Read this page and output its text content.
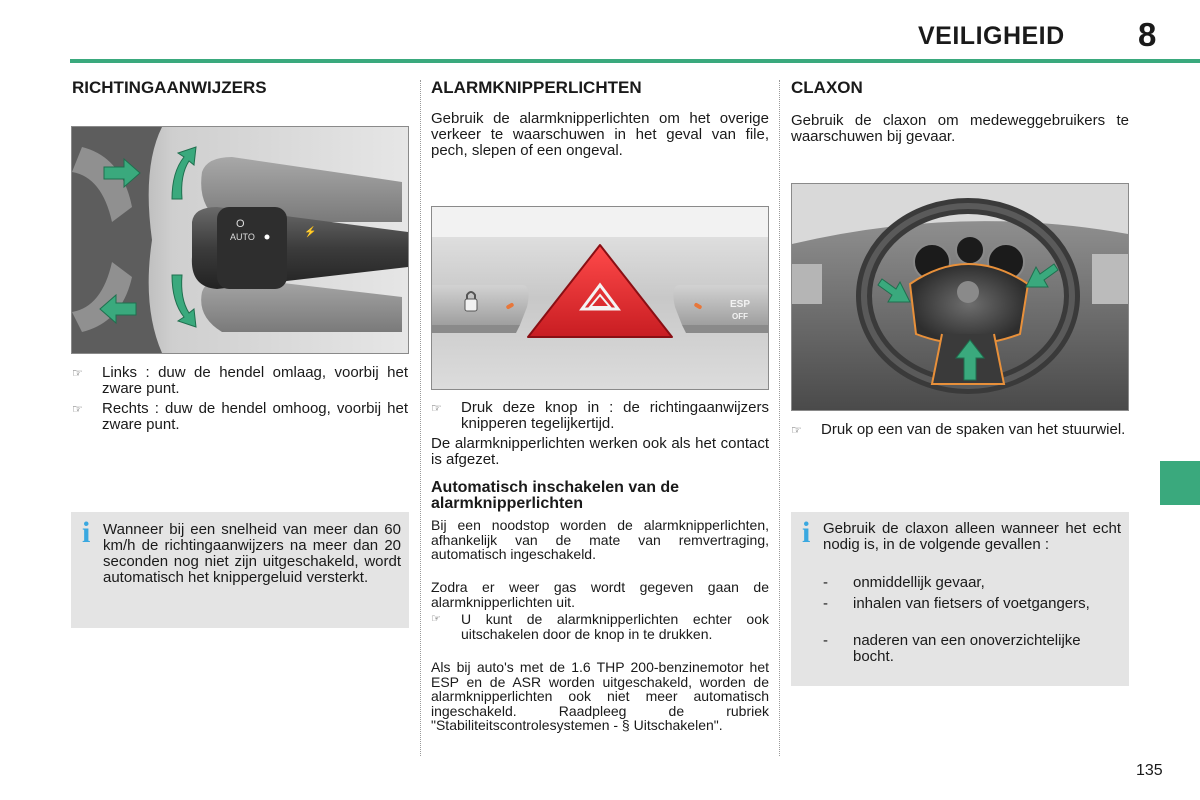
VEILIGHEID 8
RICHTINGAANWIJZERS
O
AUTO	⚡
☞	Links : duw de hendel omlaag, voorbij het zware punt.
☞	Rechts : duw de hendel omhoog, voorbij het zware punt.
i Wanneer bij een snelheid van meer dan 60 km/h de richtingaanwijzers na meer dan 20 seconden nog niet zijn uitgeschakeld, wordt automatisch het knippergeluid versterkt.
ALARMKNIPPERLICHTEN
Gebruik de alarmknipperlichten om het overige verkeer te waarschuwen in het geval van file, pech, slepen of een ongeval.
ESP
OFF
☞	Druk deze knop in : de richtingaanwijzers knipperen tegelijkertijd.
De alarmknipperlichten werken ook als het contact is afgezet.
Automatisch inschakelen van de alarmknipperlichten
Bij een noodstop worden de alarmknipperlichten, afhankelijk van de mate van remvertraging, automatisch ingeschakeld.
Zodra er weer gas wordt gegeven gaan de alarmknipperlichten uit.
☞	U kunt de alarmknipperlichten echter ook uitschakelen door de knop in te drukken.
Als bij auto's met de 1.6 THP 200-benzinemotor het ESP en de ASR worden uitgeschakeld, worden de alarmknipperlichten ook niet meer automatisch ingeschakeld. Raadpleeg de rubriek "Stabiliteitscontrolesystemen - § Uitschakelen".
CLAXON
Gebruik de claxon om medeweggebruikers te waarschuwen bij gevaar.
☞	Druk op een van de spaken van het stuurwiel.
i Gebruik de claxon alleen wanneer het echt nodig is, in de volgende gevallen :
-	onmiddellijk gevaar,
-	inhalen van fietsers of voetgangers,
-	naderen van een onoverzichtelijke bocht.
135
